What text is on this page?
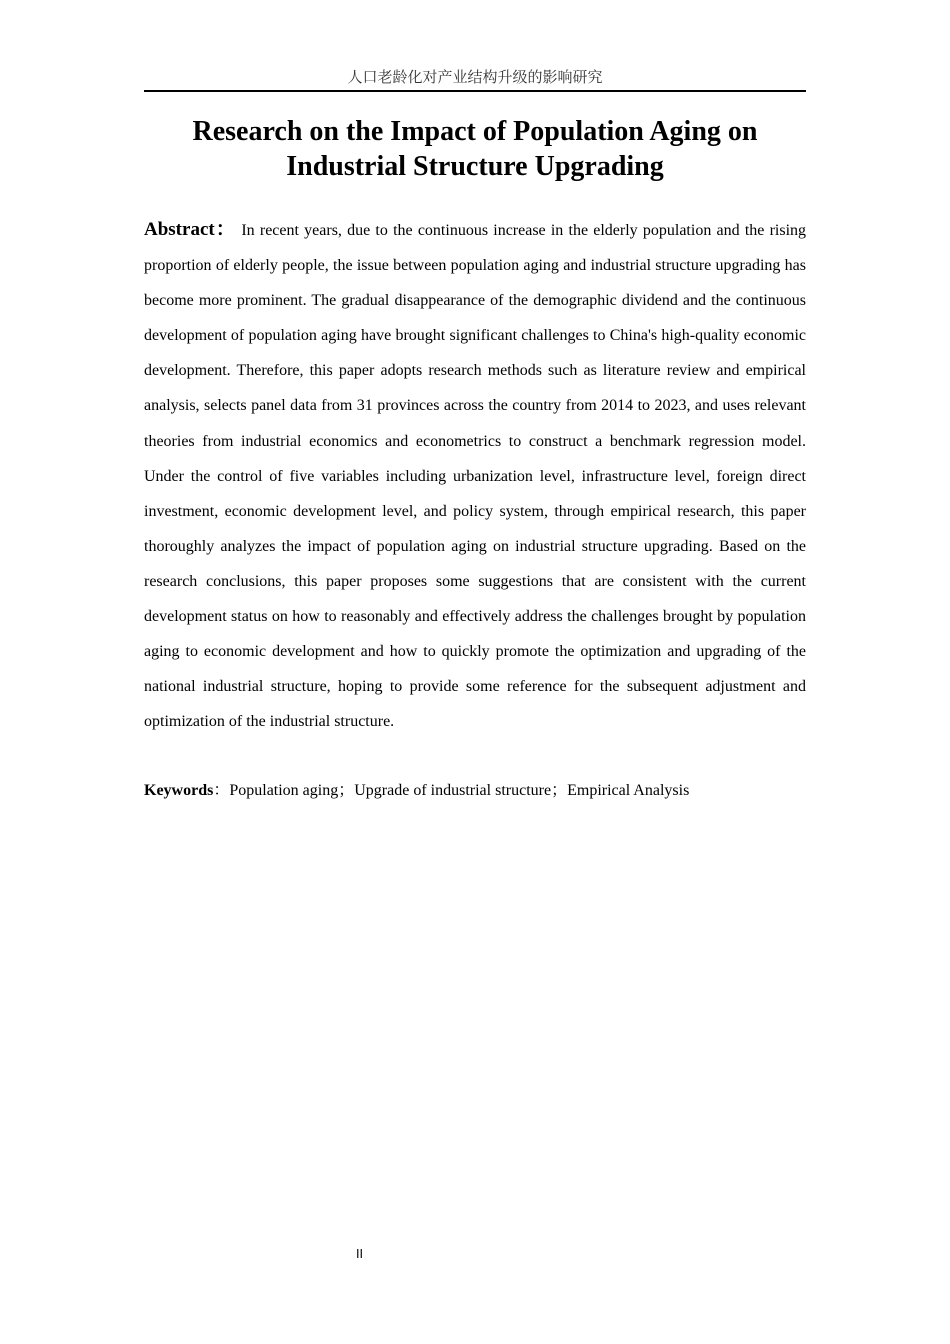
人口老龄化对产业结构升级的影响研究
Research on the Impact of Population Aging on
Industrial Structure Upgrading

Abstract： In recent years, due to the continuous increase in the elderly population and the rising proportion of elderly people, the issue between population aging and industrial structure upgrading has become more prominent. The gradual disappearance of the demographic dividend and the continuous development of population aging have brought significant challenges to China's high-quality economic development. Therefore, this paper adopts research methods such as literature review and empirical analysis, selects panel data from 31 provinces across the country from 2014 to 2023, and uses relevant theories from industrial economics and econometrics to construct a benchmark regression model. Under the control of five variables including urbanization level, infrastructure level, foreign direct investment, economic development level, and policy system, through empirical research, this paper thoroughly analyzes the impact of population aging on industrial structure upgrading. Based on the research conclusions, this paper proposes some suggestions that are consistent with the current development status on how to reasonably and effectively address the challenges brought by population aging to economic development and how to quickly promote the optimization and upgrading of the national industrial structure, hoping to provide some reference for the subsequent adjustment and optimization of the industrial structure.

Keywords：Population aging；Upgrade of industrial structure；Empirical Analysis

II
